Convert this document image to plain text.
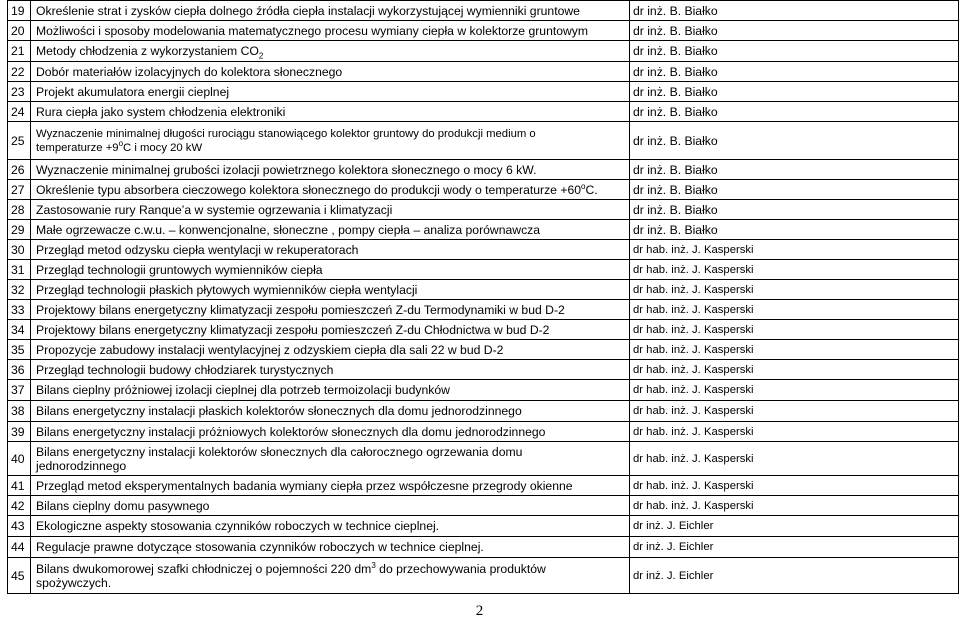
19	Określenie strat i zysków ciepła dolnego źródła ciepła instalacji wykorzystującej wymienniki gruntowe	dr inż. B. Białko
20	Możliwości i sposoby modelowania matematycznego procesu wymiany ciepła w kolektorze gruntowym	dr inż. B. Białko
21	Metody chłodzenia z wykorzystaniem $CO_2$	dr inż. B. Białko
22	Dobór materiałów izolacyjnych do kolektora słonecznego	dr inż. B. Białko
23	Projekt akumulatora energii cieplnej	dr inż. B. Białko
24	Rura ciepła jako system chłodzenia elektroniki	dr inż. B. Białko
25	Wyznaczenie minimalnej długości rurociągu stanowiącego kolektor gruntowy do produkcji medium o
temperaturze $+9^oC$ i mocy 20 kW	dr inż. B. Białko
26	Wyznaczenie minimalnej grubości izolacji powietrznego kolektora słonecznego o mocy 6 kW.	dr inż. B. Białko
27	Określenie typu absorbera cieczowego kolektora słonecznego do produkcji wody o temperaturze $+60^oC$.	dr inż. B. Białko
28	Zastosowanie rury Ranque’a w systemie ogrzewania i klimatyzacji	dr inż. B. Białko
29	Małe ogrzewacze c.w.u. – konwencjonalne, słoneczne , pompy ciepła – analiza porównawcza	dr inż. B. Białko
30	Przegląd metod odzysku ciepła wentylacji w rekuperatorach	dr hab. inż. J. Kasperski
31	Przegląd technologii gruntowych wymienników ciepła	dr hab. inż. J. Kasperski
32	Przegląd technologii płaskich płytowych wymienników ciepła wentylacji	dr hab. inż. J. Kasperski
33	Projektowy bilans energetyczny klimatyzacji zespołu pomieszczeń Z-du Termodynamiki w bud D-2	dr hab. inż. J. Kasperski
34	Projektowy bilans energetyczny klimatyzacji zespołu pomieszczeń Z-du Chłodnictwa w bud D-2	dr hab. inż. J. Kasperski
35	Propozycje zabudowy instalacji wentylacyjnej z odzyskiem ciepła dla sali 22 w bud D-2	dr hab. inż. J. Kasperski
36	Przegląd technologii budowy chłodziarek turystycznych	dr hab. inż. J. Kasperski
37	Bilans cieplny próżniowej izolacji cieplnej dla potrzeb termoizolacji budynków	dr hab. inż. J. Kasperski
38	Bilans energetyczny instalacji płaskich kolektorów słonecznych dla domu jednorodzinnego	dr hab. inż. J. Kasperski
39	Bilans energetyczny instalacji próżniowych kolektorów słonecznych dla domu jednorodzinnego	dr hab. inż. J. Kasperski
40	Bilans energetyczny instalacji kolektorów słonecznych dla całorocznego ogrzewania domu
jednorodzinnego	dr hab. inż. J. Kasperski
41	Przegląd metod eksperymentalnych badania wymiany ciepła przez współczesne przegrody okienne	dr hab. inż. J. Kasperski
42	Bilans cieplny domu pasywnego	dr hab. inż. J. Kasperski
43	Ekologiczne aspekty stosowania czynników roboczych w technice cieplnej.	dr inż. J. Eichler
44	Regulacje prawne dotyczące stosowania czynników roboczych w technice cieplnej.	dr inż. J. Eichler
45	Bilans dwukomorowej szafki chłodniczej o pojemności 220 $dm^3$ do przechowywania produktów
spożywczych.	dr inż. J. Eichler
2
